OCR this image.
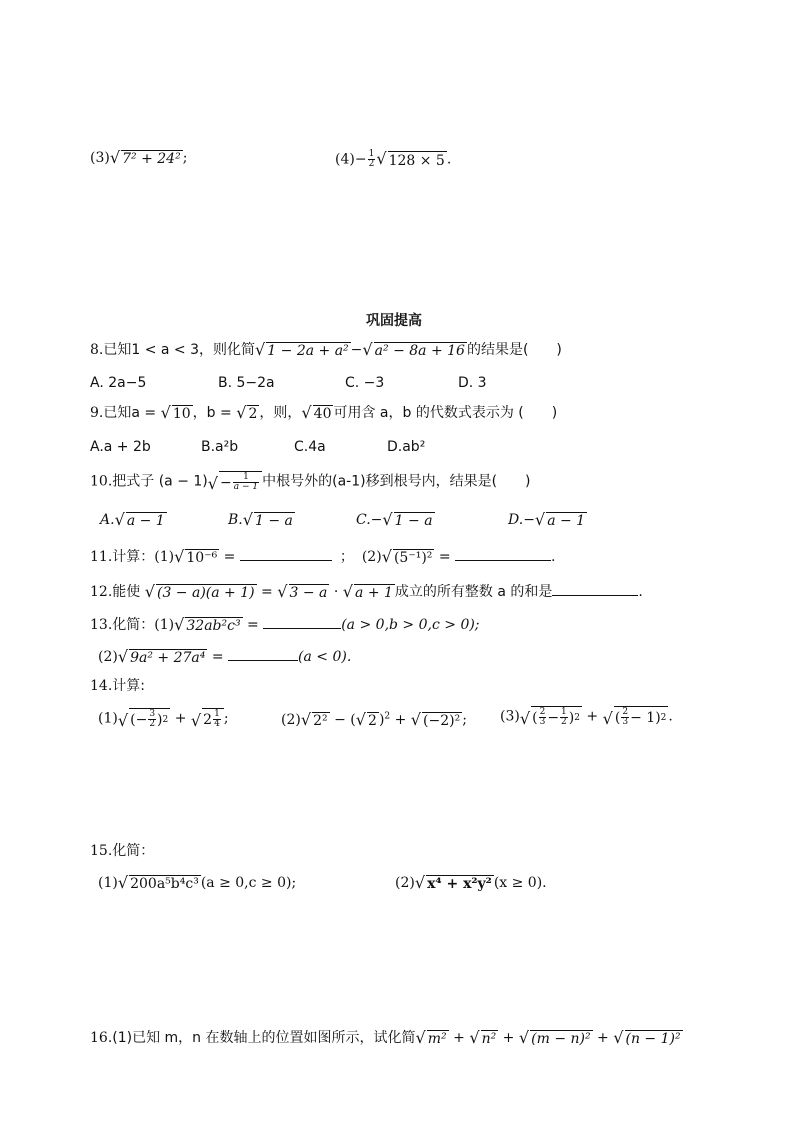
(3) √ 7² + 24² ;	$(4)- \frac{1}{2}$ √ 128 × 5 .
巩固提高
8.已知1 < a < 3，则化简 √ 1 − 2a + a² − √ a² − 8a + 16 的结果是(　　)
A. 2a−5	B. 5−2a	C. −3	D. 3
9.已知a = √ 10 ，b = √ 2 ，则， √ 40 可用含 a，b 的代数式表示为 (　　)
A.a + 2b	B.a²b	C.4a	D.ab²
10.把式子 (a − 1) √ − $\frac{1}{a - 1}$ 中根号外的(a-1)移到根号内，结果是(　　)
A. √ a − 1	B. √ 1 − a	C.− √ 1 − a	D.− √ a − 1
11.计算：(1) √ 10⁻⁶ =	； (2) √ (5⁻¹)² =	.
12.能使 √ (3 − a)(a + 1) = √ 3 − a · √ a + 1 成立的所有整数 a 的和是	.
13.化简：(1) √ 32ab²c³ =	(a > 0,b > 0,c > 0);
(2) √ 9a² + 27a⁴ =	(a < 0).
14.计算:
(1) √ ( − $\frac{3}{2}$ ) 2 + √ $2 \frac{1}{4}$ ;	(2) √ 2² − ( √ 2 )$^2$ + √ (−2)² ; (3) √ ( $\frac{2}{3} - \frac{1}{2}$ ) 2 + √ ( $\frac{2}{3} - 1$ ) 2 .
15.化简：
(1) √ 200a⁵b⁴c³ (a ≥ 0,c ≥ 0);	(2) √ x⁴ + x²y² (x ≥ 0).
16.(1)已知 m，n 在数轴上的位置如图所示，试化简 √ m² + √ n² + √ (m − n)² + √ (n − 1)²
